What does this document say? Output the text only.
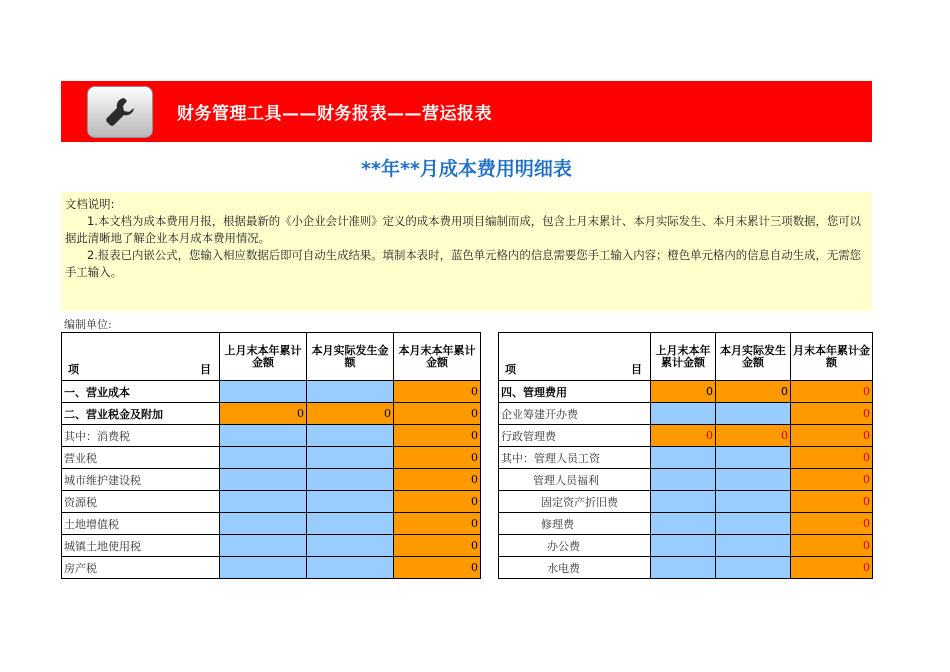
财务管理工具——财务报表——营运报表
**年**月成本费用明细表

文档说明:

1.本文档为成本费用月报，根据最新的《小企业会计准则》定义的成本费用项目编制而成，包含上月末累计、本月实际发生、本月末累计三项数据，您可以据此清晰地了解企业本月成本费用情况。

2.报表已内嵌公式，您输入相应数据后即可自动生成结果。填制本表时，蓝色单元格内的信息需要您手工输入内容；橙色单元格内的信息自动生成，无需您手工输入。

编制单位:
项 目	上月末本年累计金额	本月实际发生金额	本月末本年累计金额
一、营业成本			0
二、营业税金及附加	0	0	0
其中：消费税			0
营业税			0
城市维护建设税			0
资源税			0
土地增值税			0
城镇土地使用税			0
房产税			0
项 目	上月末本年累计金额	本月实际发生金额	月末本年累计金额
四、管理费用	0	0	0
企业筹建开办费			0
行政管理费	0	0	0
其中：管理人员工资			0
管理人员福利			0
固定资产折旧费			0
修理费			0
办公费			0
水电费			0
